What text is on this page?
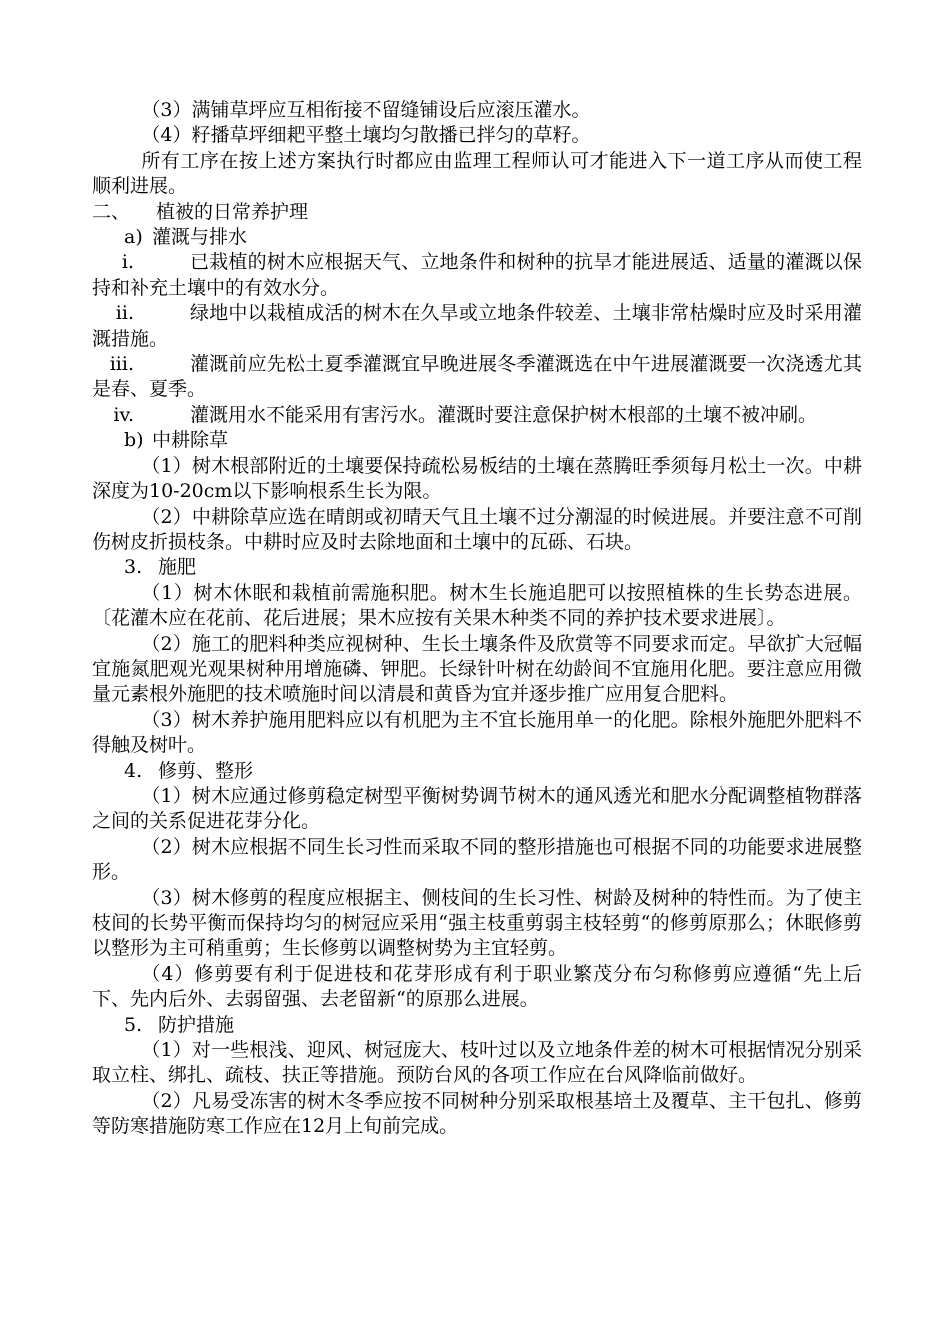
（3）满铺草坪应互相衔接不留缝铺设后应滚压灌水。

（4）籽播草坪细耙平整土壤均匀散播已拌匀的草籽。

所有工序在按上述方案执行时都应由监理工程师认可才能进入下一道工序从而使工程顺利进展。

二、 植被的日常养护理

a) 灌溉与排水

i.	已栽植的树木应根据天气、立地条件和树种的抗旱才能进展适、适量的灌溉以保持和补充土壤中的有效水分。

ii.	绿地中以栽植成活的树木在久旱或立地条件较差、土壤非常枯燥时应及时采用灌溉措施。

iii.	灌溉前应先松土夏季灌溉宜早晚进展冬季灌溉选在中午进展灌溉要一次浇透尤其是春、夏季。

iv.	灌溉用水不能采用有害污水。灌溉时要注意保护树木根部的土壤不被冲刷。

b) 中耕除草

（1）树木根部附近的土壤要保持疏松易板结的土壤在蒸腾旺季须每月松土一次。中耕深度为10-20cm以下影响根系生长为限。

（2）中耕除草应选在晴朗或初晴天气且土壤不过分潮湿的时候进展。并要注意不可削伤树皮折损枝条。中耕时应及时去除地面和土壤中的瓦砾、石块。

3. 施肥

（1）树木休眠和栽植前需施积肥。树木生长施追肥可以按照植株的生长势态进展。〔花灌木应在花前、花后进展；果木应按有关果木种类不同的养护技术要求进展〕。

（2）施工的肥料种类应视树种、生长土壤条件及欣赏等不同要求而定。早欲扩大冠幅宜施氮肥观光观果树种用增施磷、钾肥。长绿针叶树在幼龄间不宜施用化肥。要注意应用微量元素根外施肥的技术喷施时间以清晨和黄昏为宜并逐步推广应用复合肥料。

（3）树木养护施用肥料应以有机肥为主不宜长施用单一的化肥。除根外施肥外肥料不得触及树叶。

4. 修剪、整形

（1）树木应通过修剪稳定树型平衡树势调节树木的通风透光和肥水分配调整植物群落之间的关系促进花芽分化。

（2）树木应根据不同生长习性而采取不同的整形措施也可根据不同的功能要求进展整形。

（3）树木修剪的程度应根据主、侧枝间的生长习性、树龄及树种的特性而。为了使主枝间的长势平衡而保持均匀的树冠应采用“强主枝重剪弱主枝轻剪“的修剪原那么；休眠修剪以整形为主可稍重剪；生长修剪以调整树势为主宜轻剪。

（4）修剪要有利于促进枝和花芽形成有利于职业繁茂分布匀称修剪应遵循“先上后下、先内后外、去弱留强、去老留新“的原那么进展。

5. 防护措施

（1）对一些根浅、迎风、树冠庞大、枝叶过以及立地条件差的树木可根据情况分别采取立柱、绑扎、疏枝、扶正等措施。预防台风的各项工作应在台风降临前做好。

（2）凡易受冻害的树木冬季应按不同树种分别采取根基培土及覆草、主干包扎、修剪等防寒措施防寒工作应在12月上旬前完成。
